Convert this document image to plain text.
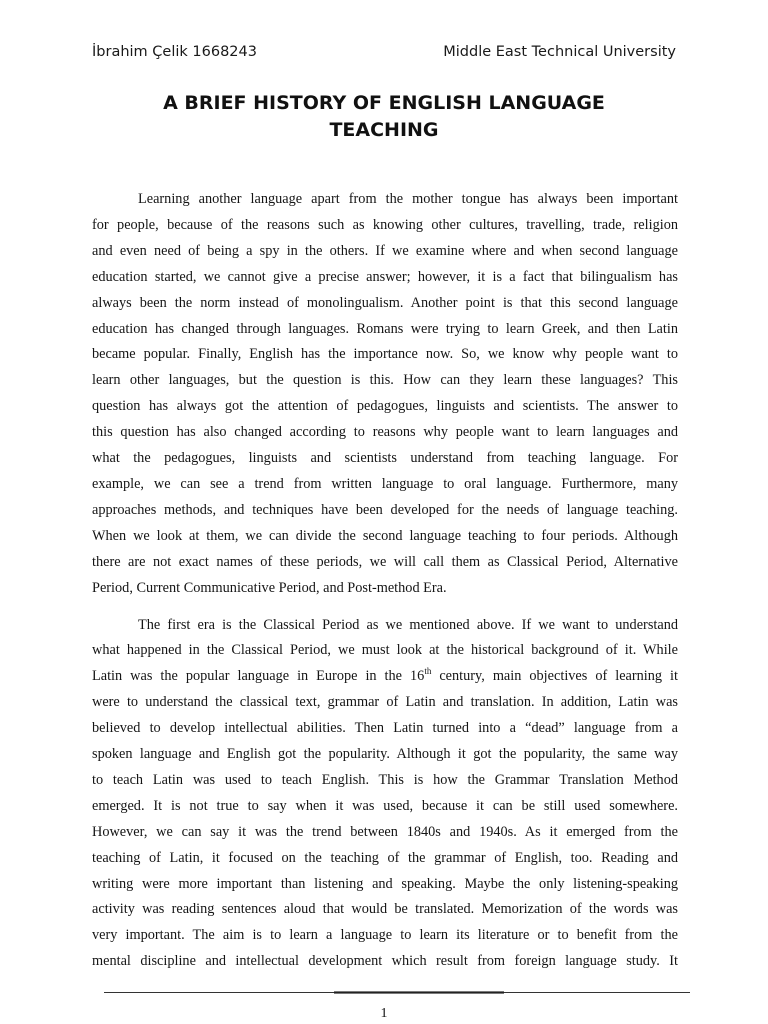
İbrahim Çelik 1668243	Middle East Technical University
A BRIEF HISTORY OF ENGLISH LANGUAGE
TEACHING

Learning another language apart from the mother tongue has always been important
for people, because of the reasons such as knowing other cultures, travelling, trade, religion
and even need of being a spy in the others. If we examine where and when second language
education started, we cannot give a precise answer; however, it is a fact that bilingualism has
always been the norm instead of monolingualism. Another point is that this second language
education has changed through languages. Romans were trying to learn Greek, and then Latin
became popular. Finally, English has the importance now. So, we know why people want to
learn other languages, but the question is this. How can they learn these languages? This
question has always got the attention of pedagogues, linguists and scientists. The answer to
this question has also changed according to reasons why people want to learn languages and
what the pedagogues, linguists and scientists understand from teaching language. For
example, we can see a trend from written language to oral language. Furthermore, many
approaches methods, and techniques have been developed for the needs of language teaching.
When we look at them, we can divide the second language teaching to four periods. Although
there are not exact names of these periods, we will call them as Classical Period, Alternative
Period, Current Communicative Period, and Post-method Era.

The first era is the Classical Period as we mentioned above. If we want to understand
what happened in the Classical Period, we must look at the historical background of it. While
Latin was the popular language in Europe in the 16th century, main objectives of learning it
were to understand the classical text, grammar of Latin and translation. In addition, Latin was
believed to develop intellectual abilities. Then Latin turned into a “dead” language from a
spoken language and English got the popularity. Although it got the popularity, the same way
to teach Latin was used to teach English. This is how the Grammar Translation Method
emerged. It is not true to say when it was used, because it can be still used somewhere.
However, we can say it was the trend between 1840s and 1940s. As it emerged from the
teaching of Latin, it focused on the teaching of the grammar of English, too. Reading and
writing were more important than listening and speaking. Maybe the only listening-speaking
activity was reading sentences aloud that would be translated. Memorization of the words was
very important. The aim is to learn a language to learn its literature or to benefit from the
mental discipline and intellectual development which result from foreign language study. It

1
